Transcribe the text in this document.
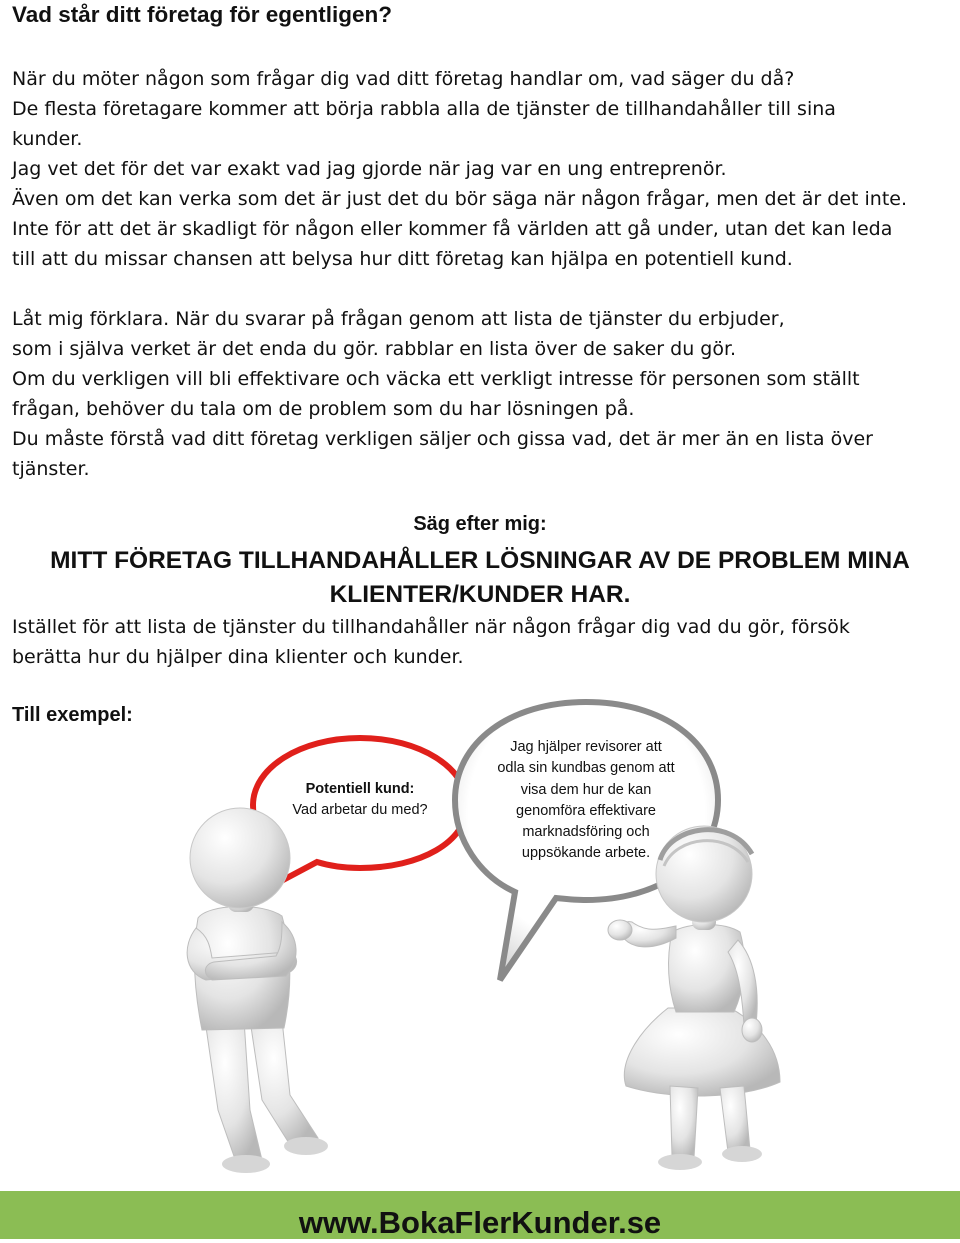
Vad står ditt företag för egentligen?
När du möter någon som frågar dig vad ditt företag handlar om, vad säger du då?
De flesta företagare kommer att börja rabbla alla de tjänster de tillhandahåller till sina
kunder.
Jag vet det för det var exakt vad jag gjorde när jag var en ung entreprenör.
Även om det kan verka som det är just det du bör säga när någon frågar, men det är det inte.
Inte för att det är skadligt för någon eller kommer få världen att gå under, utan det kan leda
till att du missar chansen att belysa hur ditt företag kan hjälpa en potentiell kund.
Låt mig förklara. När du svarar på frågan genom att lista de tjänster du erbjuder,
som i själva verket är det enda du gör. rabblar en lista över de saker du gör.
Om du verkligen vill bli effektivare och väcka ett verkligt intresse för personen som ställt
frågan, behöver du tala om de problem som du har lösningen på.
Du måste förstå vad ditt företag verkligen säljer och gissa vad, det är mer än en lista över
tjänster.
Säg efter mig:
MITT FÖRETAG TILLHANDAHÅLLER LÖSNINGAR AV DE PROBLEM MINA
KLIENTER/KUNDER HAR.
Istället för att lista de tjänster du tillhandahåller när någon frågar dig vad du gör, försök
berätta hur du hjälper dina klienter och kunder.
Till exempel:
Potentiell kund:
Vad arbetar du med?
Jag hjälper revisorer att
odla sin kundbas genom att
visa dem hur de kan
genomföra effektivare
marknadsföring och
uppsökande arbete.
www.BokaFlerKunder.se
